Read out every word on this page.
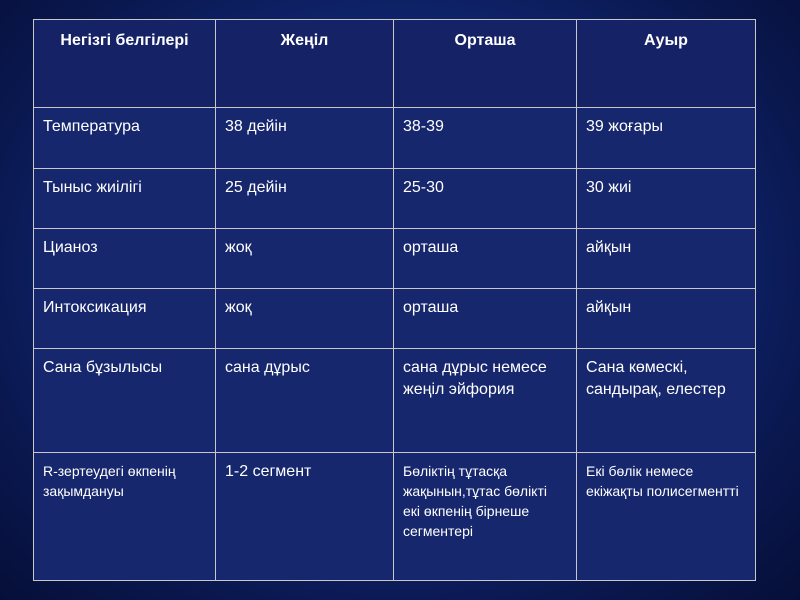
Негізгі белгілері	Жеңіл	Орташа	Ауыр
Температура	38 дейін	38-39	39 жоғары
Тыныс жиілігі	25 дейін	25-30	30 жиі
Цианоз	жоқ	орташа	айқын
Интоксикация	жоқ	орташа	айқын
Сана бұзылысы	сана дұрыс	сана дұрыс немесе жеңіл эйфория	Сана көмескі, сандырақ, елестер
R-зертеудегі өкпенің зақымдануы	1-2 сегмент	Бөліктің тұтасқа жақынын,тұтас бөлікті екі өкпенің бірнеше сегментері	Екі бөлік немесе екіжақты полисегментті
